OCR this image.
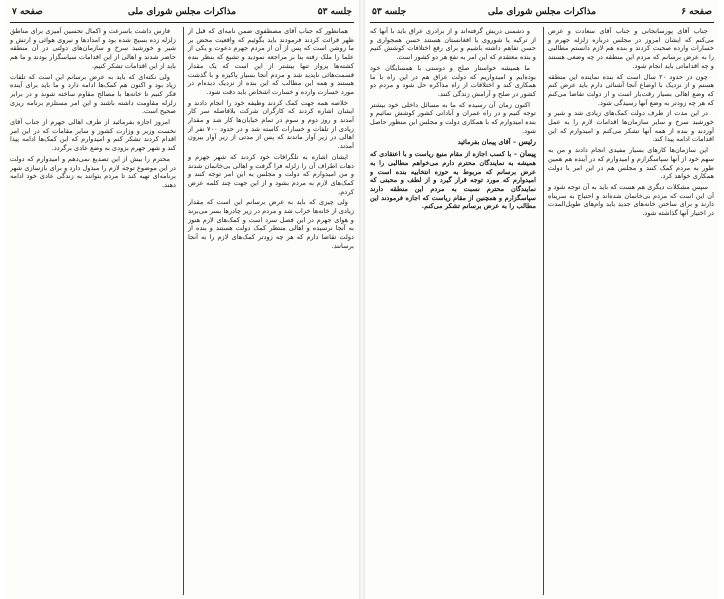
صفحه ۷	مذاکرات مجلس شورای ملی	جلسه ۵۳

همانطور که جناب آقای مصطفوی ضمن نامه‌ای که قبل از ظهر قرائت کردند فرمودند باید بگوئیم که واقعیت محض بر ما روشن است که پس از آن از مردم جهرم دعوت و یکی از علما را ملک رفته بنا بر مراجعه نمودید و تشیع که بنظر بنده کشته‌ها پرواز تنها بیشتر از این است که یک مقدار قسمت‌هائی ناپدید شد و مردم آنجا بسیار پاکیزه و با گذشت هستند و همه این مطالب که این بنده از نزدیک دیده‌ام در مورد خسارت وارده و خسارت اشخاص باید دقت شود.

خلاصه همه جهت کمک کردند وظیفه خود را انجام دادند و ایشان اشاره کردند که کارگران شرکت بلافاصله سر کار آمدند و روز دوم و سوم در تمام خیابان‌ها کار شد و مقدار زیادی از تلفات و خسارات کاسته شد و در حدود ۷۰۰ نفر از اهالی در زیر آوار ماندند که پس از مدتی از زیر آوار بیرون آمدند.

ایشان اشاره به تلگرافات خود کردند که شهر جهرم و دهات اطراف آن را زلزله فرا گرفت و اهالی بی‌خانمان شدند و من امیدوارم که دولت و مجلس به این امر توجه کنند و کمک‌های لازم به مردم بشود و از این جهت چند کلمه عرض کردم.

ولی چیزی که باید به عرض برسانم این است که مقدار زیادی از خانه‌ها خراب شد و مردم در زیر چادرها بسر می‌برند و هوای جهرم در این فصل سرد است و کمک‌های لازم هنوز به آنجا نرسیده و اهالی منتظر کمک دولت هستند و بنده از دولت تقاضا دارم که هر چه زودتر کمک‌های لازم را به آنجا برسانند.

فارس داشت باسرعت و اکمال تحسین آمیزی برای مناطق زلزله زده بسیج شده بود و امدادها و نیروی هوائی و ارتش و شیر و خورشید سرخ و سازمان‌های دولتی در آن منطقه حاضر شدند و اهالی از این اقدامات سپاسگزار بودند و ما هم باید از این اقدامات تشکر کنیم.

ولی نکته‌ای که باید به عرض برسانم این است که تلفات زیاد بود و اکنون هم کمک‌ها ادامه دارد و ما باید برای آینده فکر کنیم تا خانه‌ها با مصالح مقاوم ساخته شوند و در برابر زلزله مقاومت داشته باشند و این امر مستلزم برنامه ریزی صحیح است.

امروز اجازه بفرمائید از طرف اهالی جهرم از جناب آقای نخست وزیر و وزارت کشور و سایر مقامات که در این امر اقدام کردند تشکر کنم و امیدوارم که این کمک‌ها ادامه پیدا کند و شهر جهرم بزودی به وضع عادی برگردد.

محترم را بیش از این تصدیع نمی‌دهم و امیدوارم که دولت در این موضوع توجه لازم را مبذول دارد و برای بازسازی شهر برنامه‌ای تهیه کند تا مردم بتوانند به زندگی عادی خود ادامه دهند.

صفحه ۶
مذاکرات مجلس شورای ملی
جلسه ۵۳

جناب آقای پورسانجانی و جناب آقای سعادت و عرض می‌کنم که ایشان امروز در مجلس درباره زلزله جهرم و خسارات وارده صحبت کردند و بنده هم لازم دانستم مطالبی را به عرض برسانم که مردم این منطقه در چه وضعی هستند و چه اقداماتی باید انجام شود.

چون در حدود ۲۰ سال است که بنده نماینده این منطقه هستم و از نزدیک با اوضاع آنجا آشنائی دارم باید عرض کنم که وضع اهالی بسیار رقت‌بار است و از دولت تقاضا می‌کنم که هر چه زودتر به وضع آنها رسیدگی شود.

در این مدت از طرف دولت کمک‌های زیادی شد و شیر و خورشید سرخ و سایر سازمان‌ها اقدامات لازم را به عمل آوردند و بنده از همه آنها تشکر می‌کنم و امیدوارم که این اقدامات ادامه پیدا کند.

این سازمان‌ها کارهای بسیار مفیدی انجام دادند و من به سهم خود از آنها سپاسگزارم و امیدوارم که در آینده هم همین طور به مردم کمک کنند و مجلس هم در این امر با دولت همکاری خواهد کرد.

سپس مشکلات دیگری هم هست که باید به آن توجه شود و آن این است که مردم بی‌خانمان شده‌اند و احتیاج به سرپناه دارند و برای ساختن خانه‌های جدید باید وام‌های طویل‌المدت در اختیار آنها گذاشته شود.

و دشمنی دریش گرفته‌اند و از برادری عراق باید با آنها که از ترکیه یا شوروی یا افغانستان هستند حسن همجواری و حسن تفاهم داشته باشیم و برای رفع اختلافات کوشش کنیم و بنده معتقدم که این امر به نفع هر دو کشور است.

ما همیشه خواستار صلح و دوستی با همسایگان خود بوده‌ایم و امیدواریم که دولت عراق هم در این راه با ما همکاری کند و اختلافات از راه مذاکره حل شود و مردم دو کشور در صلح و آرامش زندگی کنند.

اکنون زمان آن رسیده که ما به مسائل داخلی خود بیشتر توجه کنیم و در راه عمران و آبادانی کشور کوشش نمائیم و بنده امیدوارم که با همکاری دولت و مجلس این منظور حاصل شود.

رئیس – آقای پیمان بفرمائید

پیمان – با کسب اجازه از مقام منیع ریاست و با اعتقادی که همیشه به نمایندگان محترم دارم می‌خواهم مطالبی را به عرض برسانم که مربوط به حوزه انتخابیه بنده است و امیدوارم که مورد توجه قرار گیرد و از لطف و محبتی که نمایندگان محترم نسبت به مردم این منطقه دارند سپاسگزارم و همچنین از مقام ریاست که اجازه فرمودند این مطالب را به عرض برسانم تشکر می‌کنم.
